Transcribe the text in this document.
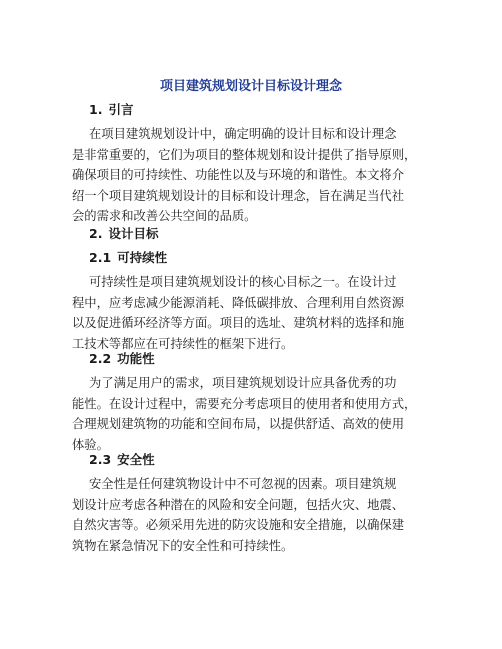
项目建筑规划设计目标设计理念
1. 引言
在项目建筑规划设计中，确定明确的设计目标和设计理念
是非常重要的，它们为项目的整体规划和设计提供了指导原则，
确保项目的可持续性、功能性以及与环境的和谐性。本文将介
绍一个项目建筑规划设计的目标和设计理念，旨在满足当代社
会的需求和改善公共空间的品质。
2. 设计目标
2.1 可持续性
可持续性是项目建筑规划设计的核心目标之一。在设计过
程中，应考虑减少能源消耗、降低碳排放、合理利用自然资源
以及促进循环经济等方面。项目的选址、建筑材料的选择和施
工技术等都应在可持续性的框架下进行。
2.2 功能性
为了满足用户的需求，项目建筑规划设计应具备优秀的功
能性。在设计过程中，需要充分考虑项目的使用者和使用方式，
合理规划建筑物的功能和空间布局，以提供舒适、高效的使用
体验。
2.3 安全性
安全性是任何建筑物设计中不可忽视的因素。项目建筑规
划设计应考虑各种潜在的风险和安全问题，包括火灾、地震、
自然灾害等。必须采用先进的防灾设施和安全措施，以确保建
筑物在紧急情况下的安全性和可持续性。
